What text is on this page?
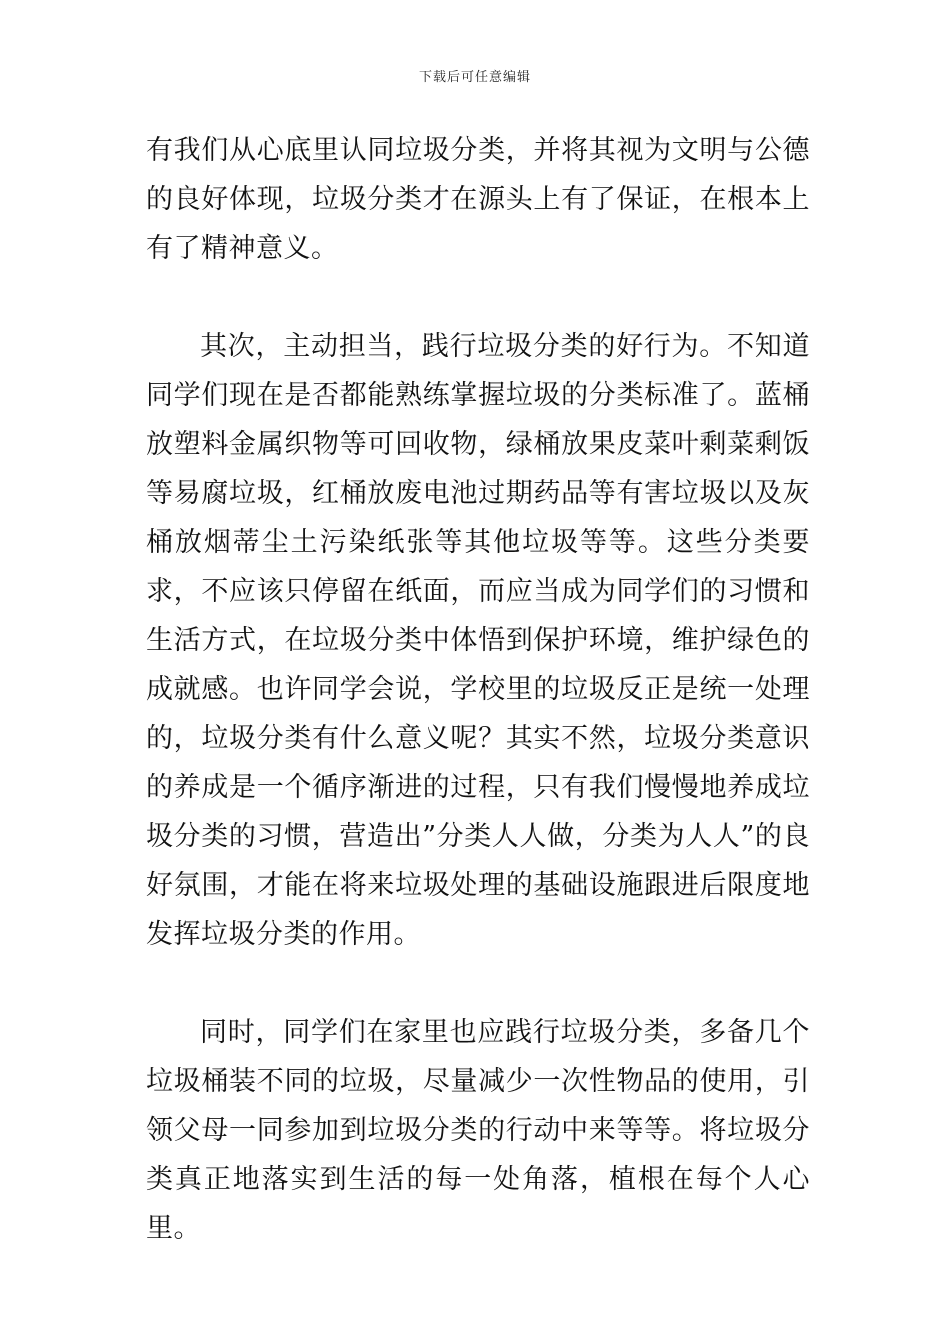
下载后可任意编辑

有我们从心底里认同垃圾分类，并将其视为文明与公德的良好体现，垃圾分类才在源头上有了保证，在根本上有了精神意义。

其次，主动担当，践行垃圾分类的好行为。不知道同学们现在是否都能熟练掌握垃圾的分类标准了。蓝桶放塑料金属织物等可回收物，绿桶放果皮菜叶剩菜剩饭等易腐垃圾，红桶放废电池过期药品等有害垃圾以及灰桶放烟蒂尘土污染纸张等其他垃圾等等。这些分类要求，不应该只停留在纸面，而应当成为同学们的习惯和生活方式，在垃圾分类中体悟到保护环境，维护绿色的成就感。也许同学会说，学校里的垃圾反正是统一处理的，垃圾分类有什么意义呢？其实不然，垃圾分类意识的养成是一个循序渐进的过程，只有我们慢慢地养成垃圾分类的习惯，营造出”分类人人做，分类为人人”的良好氛围，才能在将来垃圾处理的基础设施跟进后限度地发挥垃圾分类的作用。

同时，同学们在家里也应践行垃圾分类，多备几个垃圾桶装不同的垃圾，尽量减少一次性物品的使用，引领父母一同参加到垃圾分类的行动中来等等。将垃圾分类真正地落实到生活的每一处角落，植根在每个人心里。
